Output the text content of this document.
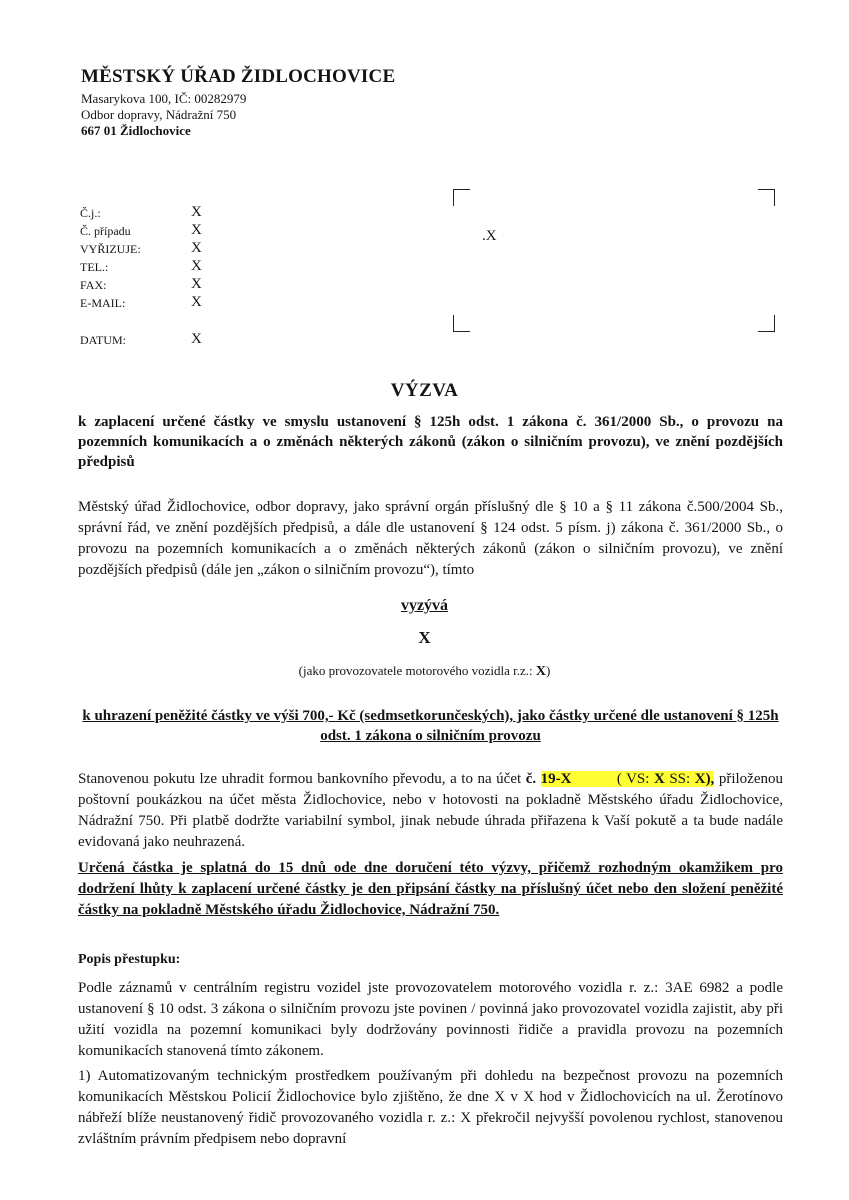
MĚSTSKÝ ÚŘAD ŽIDLOCHOVICE
Masarykova 100, IČ: 00282979
Odbor dopravy, Nádražní 750
667 01 Židlochovice
Č.j.:	X
Č. případu	X
VYŘIZUJE:	X
TEL.:	X
FAX:	X
E-MAIL:	X
DATUM:	X
.X
VÝZVA
k zaplacení určené částky ve smyslu ustanovení § 125h odst. 1 zákona č. 361/2000 Sb., o provozu na pozemních komunikacích a o změnách některých zákonů (zákon o silničním provozu), ve znění pozdějších předpisů
Městský úřad Židlochovice, odbor dopravy, jako správní orgán příslušný dle § 10 a § 11 zákona č.500/2004 Sb., správní řád, ve znění pozdějších předpisů, a dále dle ustanovení § 124 odst. 5 písm. j) zákona č. 361/2000 Sb., o provozu na pozemních komunikacích a o změnách některých zákonů (zákon o silničním provozu), ve znění pozdějších předpisů (dále jen „zákon o silničním provozu“), tímto
vyzývá
X
(jako provozovatele motorového vozidla r.z.: X)
k uhrazení peněžité částky ve výši 700,- Kč (sedmsetkorunčeských), jako částky určené dle ustanovení § 125h odst. 1 zákona o silničním provozu
Stanovenou pokutu lze uhradit formou bankovního převodu, a to na účet č. 19-X	( VS: X SS: X), přiloženou poštovní poukázkou na účet města Židlochovice, nebo v hotovosti na pokladně Městského úřadu Židlochovice, Nádražní 750. Při platbě dodržte variabilní symbol, jinak nebude úhrada přiřazena k Vaší pokutě a ta bude nadále evidovaná jako neuhrazená.
Určená částka je splatná do 15 dnů ode dne doručení této výzvy, přičemž rozhodným okamžikem pro dodržení lhůty k zaplacení určené částky je den připsání částky na příslušný účet nebo den složení peněžité částky na pokladně Městského úřadu Židlochovice, Nádražní 750.
Popis přestupku:
Podle záznamů v centrálním registru vozidel jste provozovatelem motorového vozidla r. z.: 3AE 6982 a podle ustanovení § 10 odst. 3 zákona o silničním provozu jste povinen / povinná jako provozovatel vozidla zajistit, aby při užití vozidla na pozemní komunikaci byly dodržovány povinnosti řidiče a pravidla provozu na pozemních komunikacích stanovená tímto zákonem.
1) Automatizovaným technickým prostředkem používaným při dohledu na bezpečnost provozu na pozemních komunikacích Městskou Policií Židlochovice bylo zjištěno, že dne X v X hod v Židlochovicích na ul. Žerotínovo nábřeží blíže neustanovený řidič provozovaného vozidla r. z.: X překročil nejvyšší povolenou rychlost, stanovenou zvláštním právním předpisem nebo dopravní
